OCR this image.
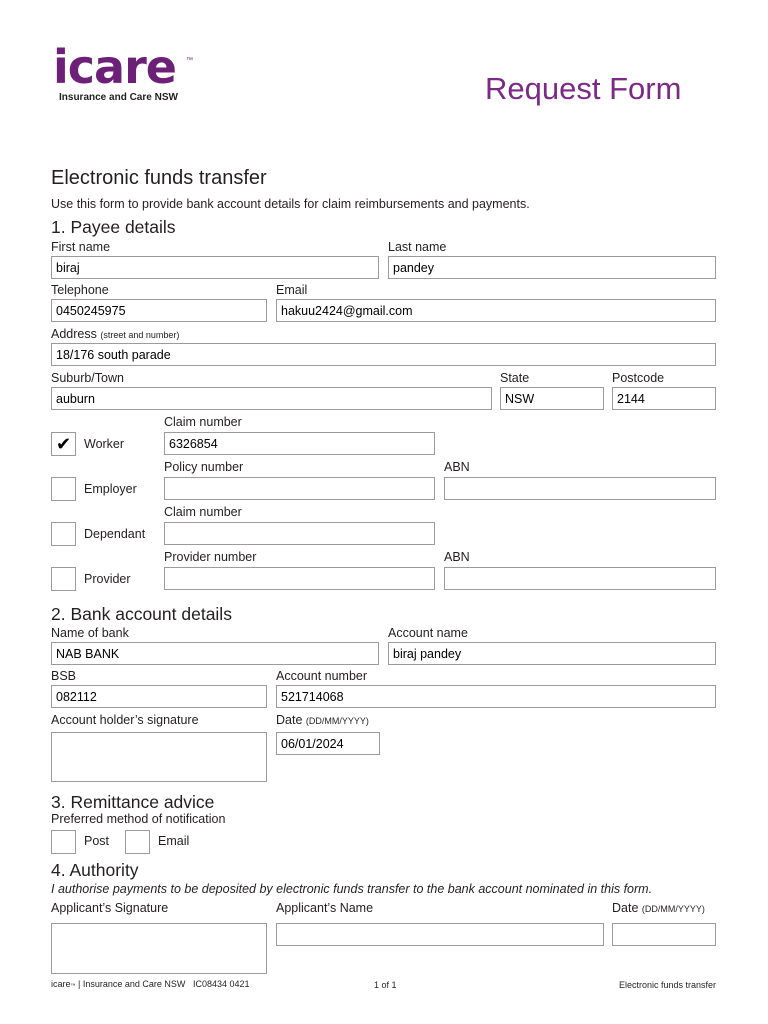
icare ™
Insurance and Care NSW	Request Form
Electronic funds transfer
Use this form to provide bank account details for claim reimbursements and payments.
1. Payee details
First name
biraj
Last name
pandey
Telephone
0450245975
Email
hakuu2424@gmail.com
Address (street and number)
18/176 south parade
Suburb/Town
auburn
State
NSW
Postcode
2144
✔	Worker
Claim number
6326854
Employer
Policy number	ABN
Dependant
Claim number
Provider
Provider number	ABN
2. Bank account details
Name of bank
NAB BANK
Account name
biraj pandey
BSB
082112
Account number
521714068
Account holder’s signature	Date (DD/MM/YYYY)
06/01/2024
3. Remittance advice
Preferred method of notification
Post	Email
4. Authority
I authorise payments to be deposited by electronic funds transfer to the bank account nominated in this form.
Applicant’s Signature	Applicant’s Name	Date (DD/MM/YYYY)
icare™ | Insurance and Care NSW IC08434 0421	1 of 1	Electronic funds transfer
